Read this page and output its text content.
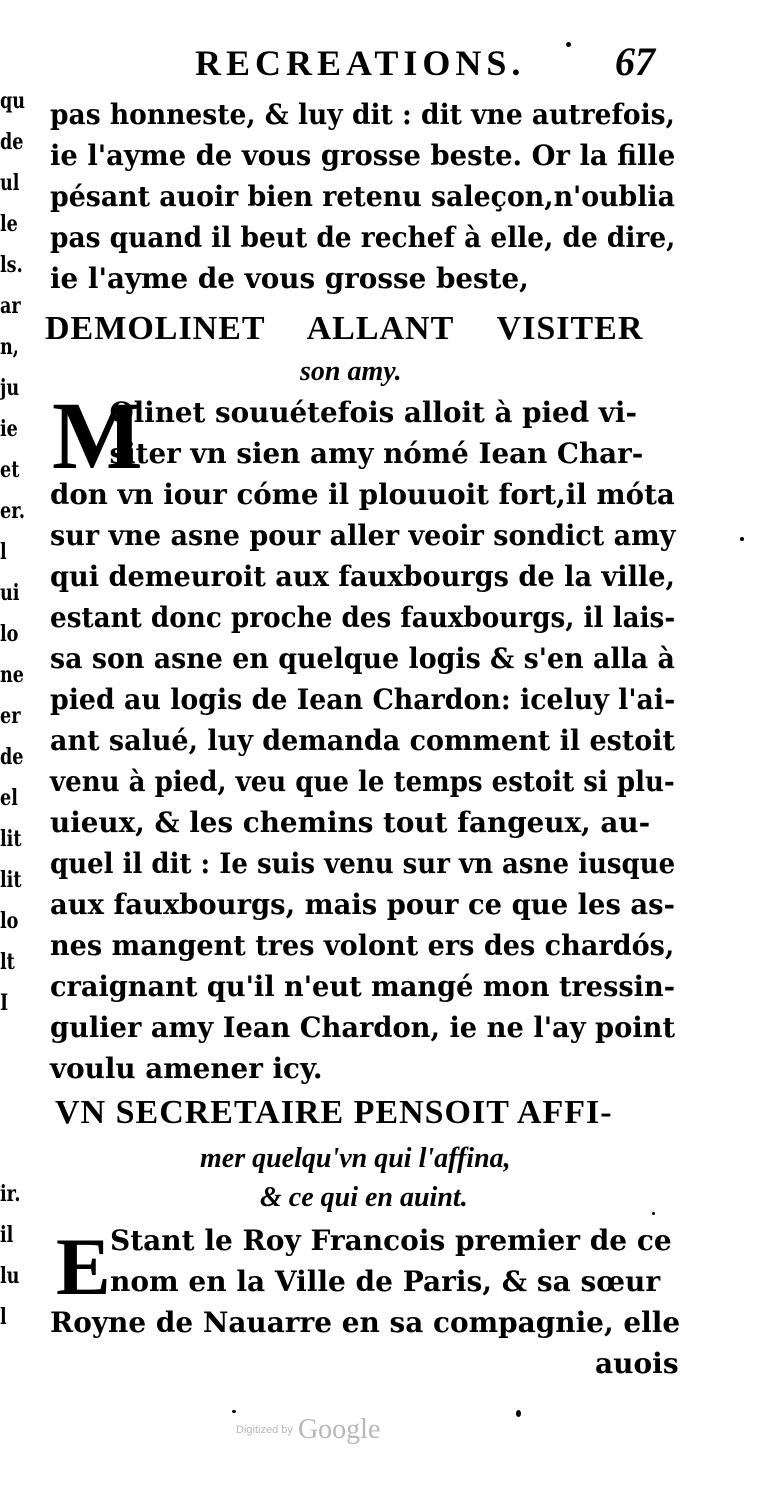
qu
de
ul
le
ls.
ar
n,
ju
ie
et
er.
l
ui
lo
ne
er
de
el
lit
lit
lo
lt
I
ir.
il
lu
l
RECREATIONS. 67
pas honneste, & luy dit : dit vne autrefois,
ie l'ayme de vous grosse beste. Or la fille
pésant auoir bien retenu saleçon,n'oublia
pas quand il beut de rechef à elle, de dire,
ie l'ayme de vous grosse beste,
DEMOLINET ALLANT VISITER
son amy.
M
Olinet souuétefois alloit à pied vi-
siter vn sien amy nómé Iean Char-
don vn iour cóme il plouuoit fort,il móta
sur vne asne pour aller veoir sondict amy
qui demeuroit aux fauxbourgs de la ville,
estant donc proche des fauxbourgs, il lais-
sa son asne en quelque logis & s'en alla à
pied au logis de Iean Chardon: iceluy l'ai-
ant salué, luy demanda comment il estoit
venu à pied, veu que le temps estoit si plu-
uieux, & les chemins tout fangeux, au-
quel il dit : Ie suis venu sur vn asne iusque
aux fauxbourgs, mais pour ce que les as-
nes mangent tres volont ers des chardós,
craignant qu'il n'eut mangé mon tressin-
gulier amy Iean Chardon, ie ne l'ay point
voulu amener icy.
VN SECRETAIRE PENSOIT AFFI-
mer quelqu'vn qui l'affina,
& ce qui en auint.
E Stant le Roy Francois premier de ce
nom en la Ville de Paris, & sa sœur
Royne de Nauarre en sa compagnie, elle
auois
Digitized by Google
